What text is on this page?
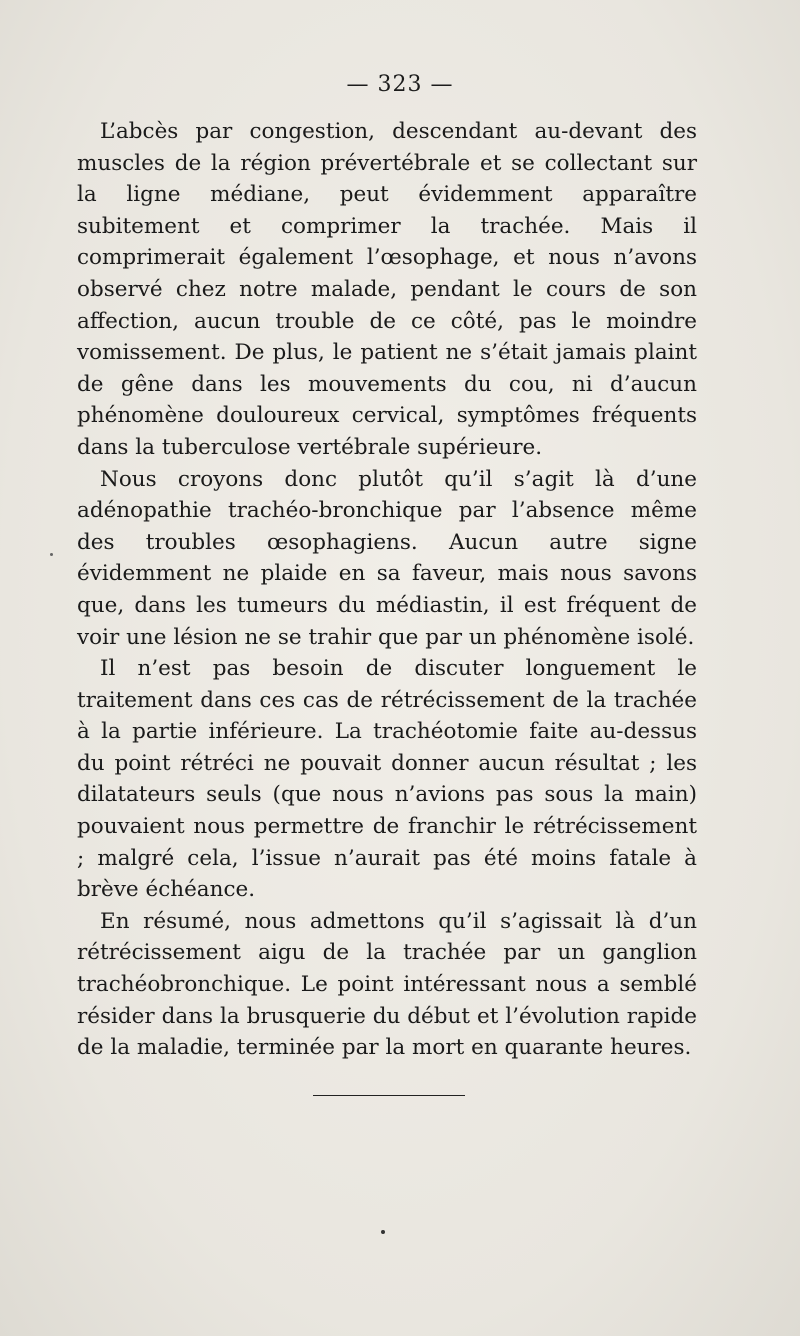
— 323 —

L’abcès par congestion, descendant au-devant des muscles de la région prévertébrale et se collectant sur la ligne médiane, peut évidemment apparaître subitement et comprimer la trachée. Mais il comprimerait également l’œsophage, et nous n’avons observé chez notre malade, pendant le cours de son affection, aucun trouble de ce côté, pas le moindre vomissement. De plus, le patient ne s’était jamais plaint de gêne dans les mouvements du cou, ni d’aucun phénomène douloureux cervical, symptômes fréquents dans la tuberculose vertébrale supérieure.

Nous croyons donc plutôt qu’il s’agit là d’une adénopathie trachéo-bronchique par l’absence même des troubles œsophagiens. Aucun autre signe évidemment ne plaide en sa faveur, mais nous savons que, dans les tumeurs du médiastin, il est fréquent de voir une lésion ne se trahir que par un phénomène isolé.

Il n’est pas besoin de discuter longuement le traitement dans ces cas de rétrécissement de la trachée à la partie inférieure. La trachéotomie faite au-dessus du point rétréci ne pouvait donner aucun résultat ; les dilatateurs seuls (que nous n’avions pas sous la main) pouvaient nous permettre de franchir le rétrécissement ; malgré cela, l’issue n’aurait pas été moins fatale à brève échéance.

En résumé, nous admettons qu’il s’agissait là d’un rétrécissement aigu de la trachée par un ganglion trachéobronchique. Le point intéressant nous a semblé résider dans la brusquerie du début et l’évolution rapide de la maladie, terminée par la mort en quarante heures.
